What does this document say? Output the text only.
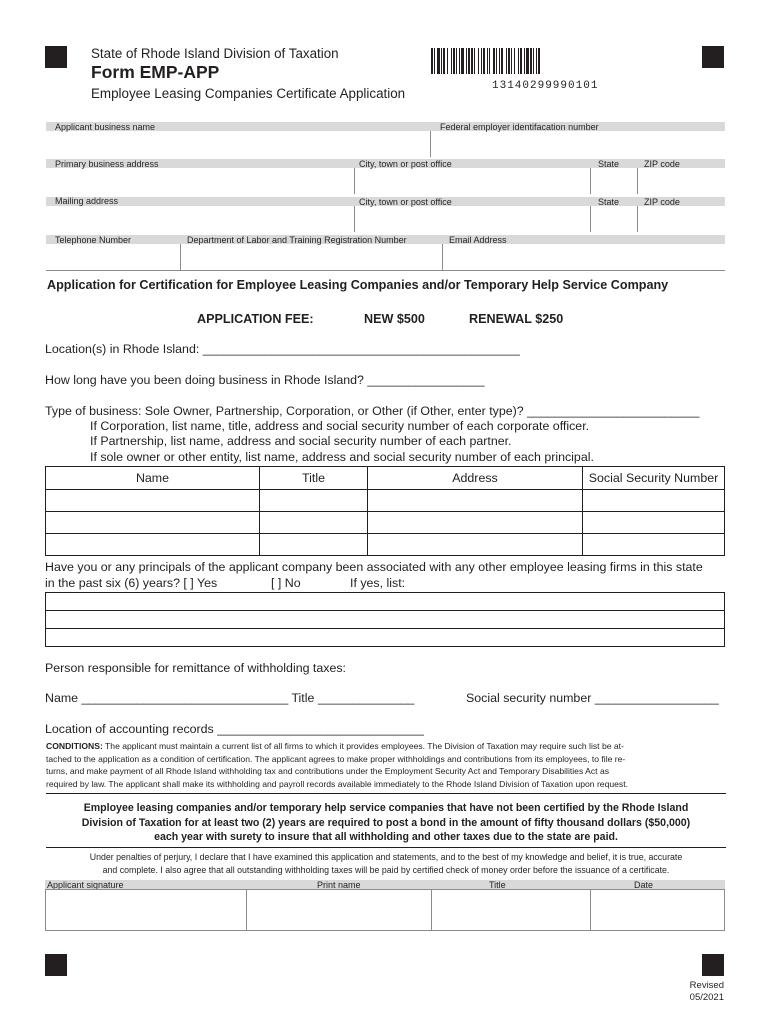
State of Rhode Island Division of Taxation
Form EMP-APP
Employee Leasing Companies Certificate Application	13140299990101
Applicant business name	Federal employer identifacation number
Primary business address	City, town or post office	State	ZIP code
Mailing address	City, town or post office	State	ZIP code
Telephone Number	Department of Labor and Training Registration Number	Email Address
Application for Certification for Employee Leasing Companies and/or Temporary Help Service Company
APPLICATION FEE:	NEW $500	RENEWAL $250
Location(s) in Rhode Island: ______________________________________________
How long have you been doing business in Rhode Island? _________________
Type of business: Sole Owner, Partnership, Corporation, or Other (if Other, enter type)? _________________________
If Corporation, list name, title, address and social security number of each corporate officer.
If Partnership, list name, address and social security number of each partner.
If sole owner or other entity, list name, address and social security number of each principal.
Name	Title	Address	Social Security Number

Have you or any principals of the applicant company been associated with any other employee leasing firms in this state
in the past six (6) years? [ ] Yes	[ ] No	If yes, list:

Person responsible for remittance of withholding taxes:
Name ______________________________ Title ______________	Social security number __________________
Location of accounting records ______________________________
CONDITIONS: The applicant must maintain a current list of all firms to which it provides employees. The Division of Taxation may require such list be at-
tached to the application as a condition of certification. The applicant agrees to make proper withholdings and contributions from its employees, to file re-
turns, and make payment of all Rhode Island withholding tax and contributions under the Employment Security Act and Temporary Disabilities Act as
required by law. The applicant shall make its withholding and payroll records available immediately to the Rhode Island Division of Taxation upon request.
Employee leasing companies and/or temporary help service companies that have not been certified by the Rhode Island
Division of Taxation for at least two (2) years are required to post a bond in the amount of fifty thousand dollars ($50,000)
each year with surety to insure that all withholding and other taxes due to the state are paid.
Under penalties of perjury, I declare that I have examined this application and statements, and to the best of my knowledge and belief, it is true, accurate
and complete. I also agree that all outstanding withholding taxes will be paid by certified check of money order before the issuance of a certificate.
Applicant signature	Print name	Title	Date

Revised
05/2021
